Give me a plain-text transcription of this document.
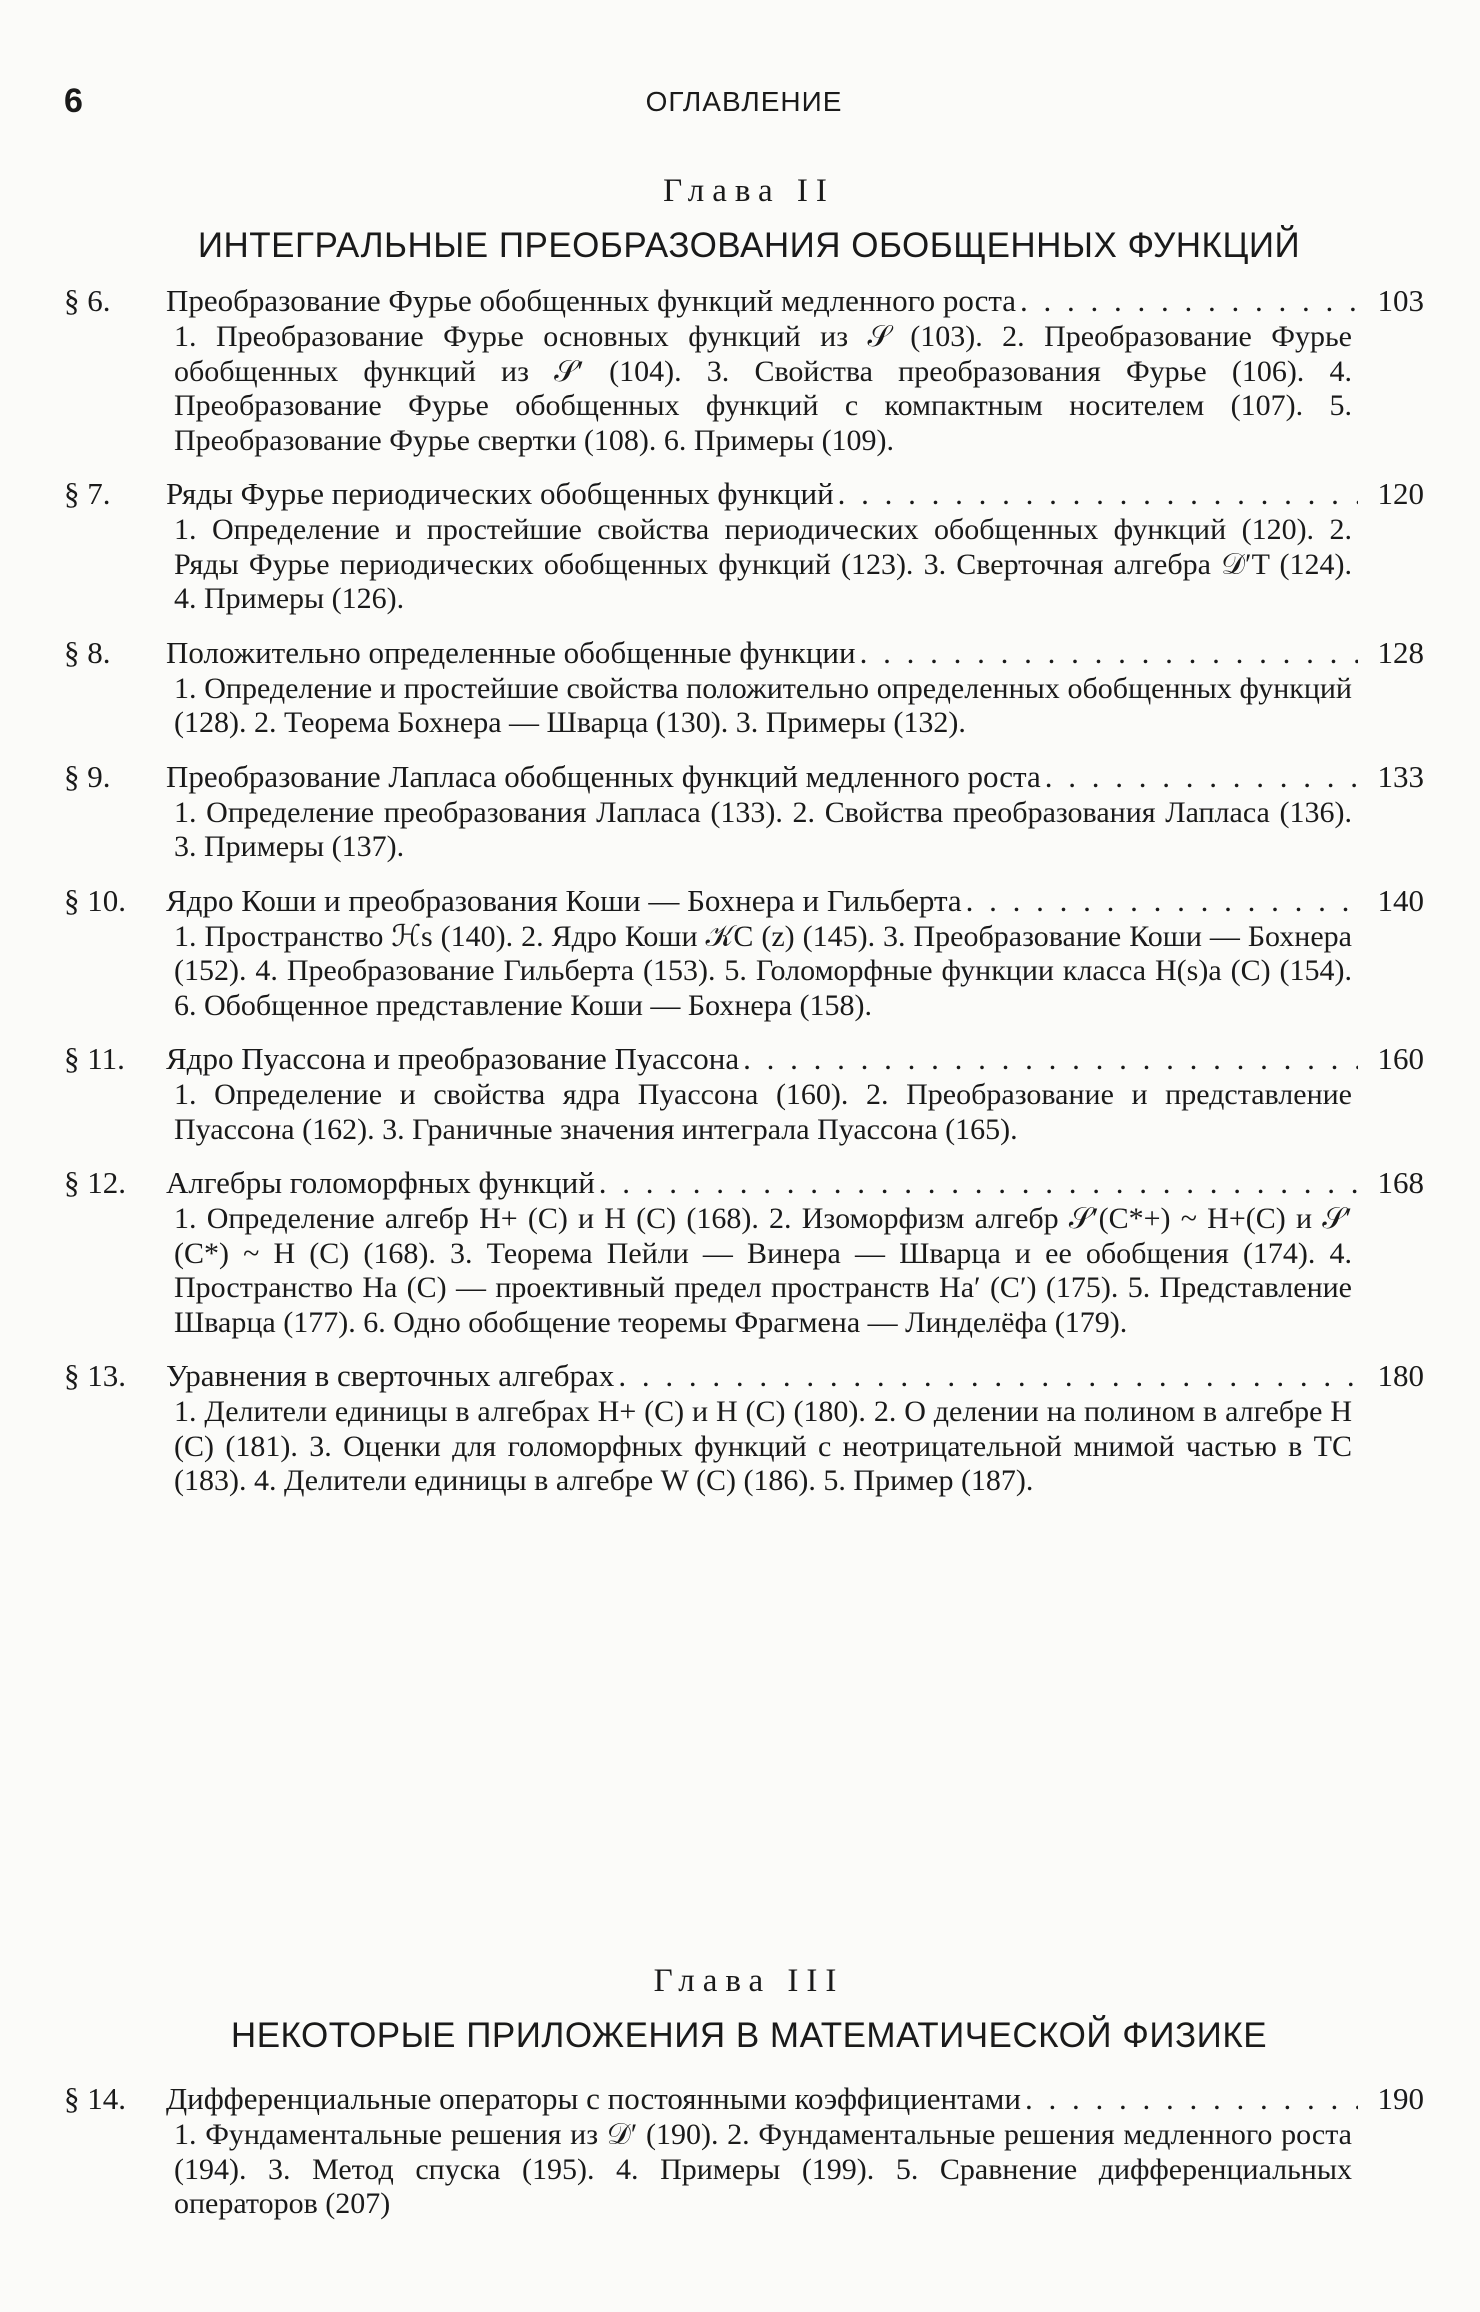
6	ОГЛАВЛЕНИЕ
Глава II
ИНТЕГРАЛЬНЫЕ ПРЕОБРАЗОВАНИЯ ОБОБЩЕННЫХ ФУНКЦИЙ
§ 6.	Преобразование Фурье обобщенных функций медленного роста . . .	103
1. Преобразование Фурье основных функций из 𝒮 (103). 2. Преобразование Фурье обобщенных функций из 𝒮′ (104). 3. Свойства преобразования Фурье (106). 4. Преобразование Фурье обобщенных функций с компактным носителем (107). 5. Преобразование Фурье свертки (108). 6. Примеры (109).
§ 7.	Ряды Фурье периодических обобщенных функций . . .	120
1. Определение и простейшие свойства периодических обобщенных функций (120). 2. Ряды Фурье периодических обобщенных функций (123). 3. Сверточная алгебра 𝒟′T (124). 4. Примеры (126).
§ 8.	Положительно определенные обобщенные функции . . .	128
1. Определение и простейшие свойства положительно определенных обобщенных функций (128). 2. Теорема Бохнера — Шварца (130). 3. Примеры (132).
§ 9.	Преобразование Лапласа обобщенных функций медленного роста . . .	133
1. Определение преобразования Лапласа (133). 2. Свойства преобразования Лапласа (136). 3. Примеры (137).
§ 10.	Ядро Коши и преобразования Коши — Бохнера и Гильберта . . .	140
1. Пространство ℋs (140). 2. Ядро Коши 𝒦C (z) (145). 3. Преобразование Коши — Бохнера (152). 4. Преобразование Гильберта (153). 5. Голоморфные функции класса H(s)a (C) (154). 6. Обобщенное представление Коши — Бохнера (158).
§ 11.	Ядро Пуассона и преобразование Пуассона . . .	160
1. Определение и свойства ядра Пуассона (160). 2. Преобразование и представление Пуассона (162). 3. Граничные значения интеграла Пуассона (165).
§ 12.	Алгебры голоморфных функций . . .	168
1. Определение алгебр H+ (C) и H (C) (168). 2. Изоморфизм алгебр 𝒮′(C*+) ~ H+(C) и 𝒮′(C*) ~ H (C) (168). 3. Теорема Пейли — Винера — Шварца и ее обобщения (174). 4. Пространство Ha (C) — проективный предел пространств Ha′ (C′) (175). 5. Представление Шварца (177). 6. Одно обобщение теоремы Фрагмена — Линделёфа (179).
§ 13.	Уравнения в сверточных алгебрах . . .	180
1. Делители единицы в алгебрах H+ (C) и H (C) (180). 2. О делении на полином в алгебре H (C) (181). 3. Оценки для голоморфных функций с неотрицательной мнимой частью в TC (183). 4. Делители единицы в алгебре W (C) (186). 5. Пример (187).
Глава III
НЕКОТОРЫЕ ПРИЛОЖЕНИЯ В МАТЕМАТИЧЕСКОЙ ФИЗИКЕ
§ 14.	Дифференциальные операторы с постоянными коэффициентами . . .	190
1. Фундаментальные решения из 𝒟′ (190). 2. Фундаментальные решения медленного роста (194). 3. Метод спуска (195). 4. Примеры (199). 5. Сравнение дифференциальных операторов (207)
